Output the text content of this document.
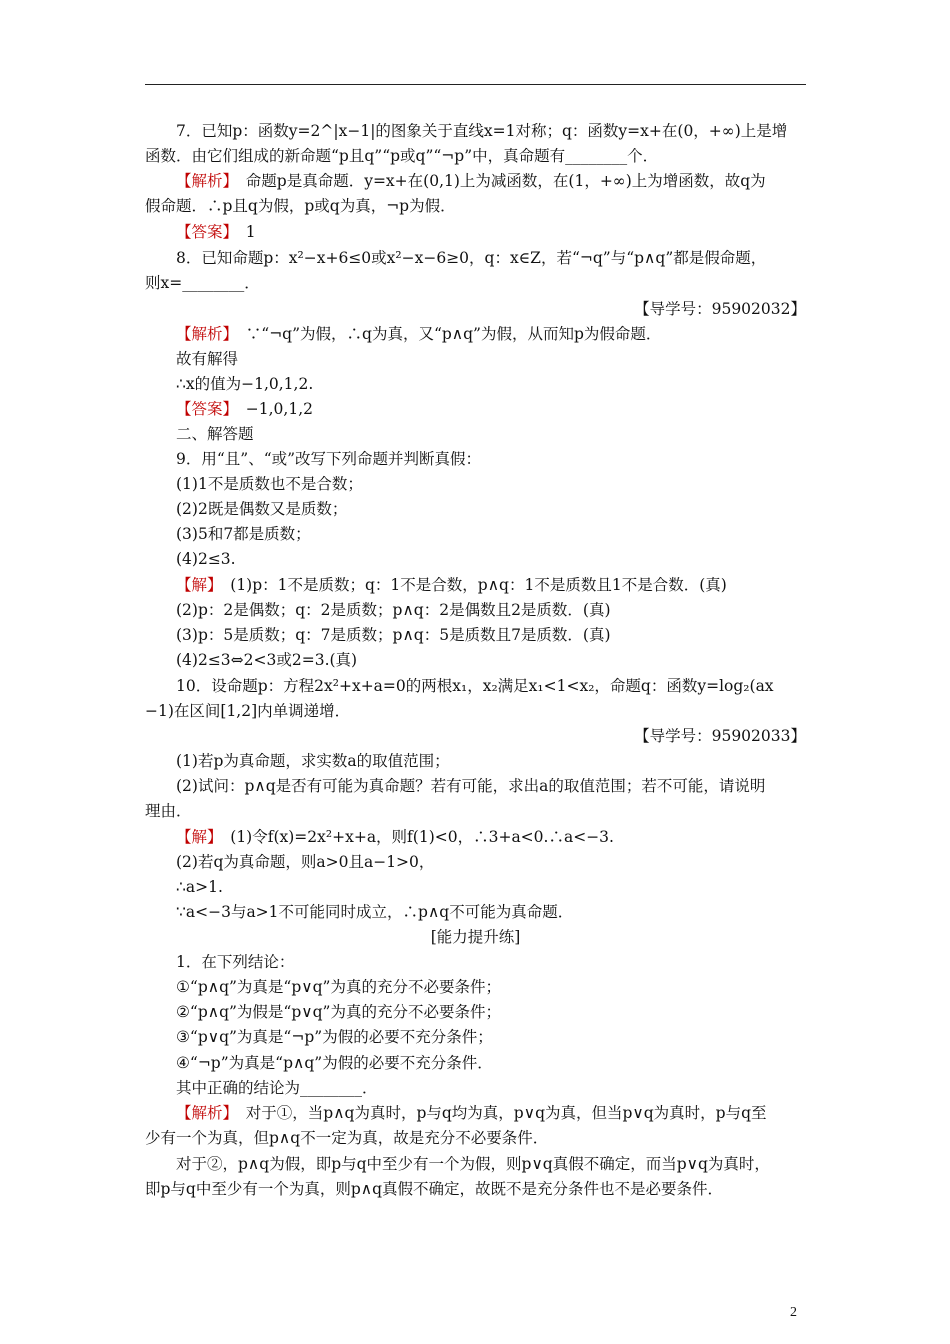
7．已知p：函数y=2^|x−1|的图象关于直线x=1对称；q：函数y=x+在(0，+∞)上是增
函数．由它们组成的新命题“p且q”“p或q”“¬p”中，真命题有________个．
【解析】　命题p是真命题．y=x+在(0,1)上为减函数，在(1，+∞)上为增函数，故q为
假命题．∴p且q为假，p或q为真，¬p为假．
【答案】　1
8．已知命题p：x²−x+6≤0或x²−x−6≥0，q：x∈Z，若“¬q”与“p∧q”都是假命题，
则x=________．
【导学号：95902032】
【解析】　∵“¬q”为假，∴q为真，又“p∧q”为假，从而知p为假命题．
故有解得
∴x的值为−1,0,1,2.
【答案】　−1,0,1,2
二、解答题
9．用“且”、“或”改写下列命题并判断真假：
(1)1不是质数也不是合数；
(2)2既是偶数又是质数；
(3)5和7都是质数；
(4)2≤3.
【解】　(1)p：1不是质数；q：1不是合数，p∧q：1不是质数且1不是合数．(真)
(2)p：2是偶数；q：2是质数；p∧q：2是偶数且2是质数．(真)
(3)p：5是质数；q：7是质数；p∧q：5是质数且7是质数．(真)
(4)2≤3⇔2<3或2=3.(真)
10．设命题p：方程2x²+x+a=0的两根x₁，x₂满足x₁<1<x₂，命题q：函数y=log₂(ax
−1)在区间[1,2]内单调递增．
【导学号：95902033】
(1)若p为真命题，求实数a的取值范围；
(2)试问：p∧q是否有可能为真命题？若有可能，求出a的取值范围；若不可能，请说明
理由．
【解】　(1)令f(x)=2x²+x+a，则f(1)<0，∴3+a<0.∴a<−3.
(2)若q为真命题，则a>0且a−1>0，
∴a>1.
∵a<−3与a>1不可能同时成立，∴p∧q不可能为真命题．
[能力提升练]
1．在下列结论：
①“p∧q”为真是“p∨q”为真的充分不必要条件；
②“p∧q”为假是“p∨q”为真的充分不必要条件；
③“p∨q”为真是“¬p”为假的必要不充分条件；
④“¬p”为真是“p∧q”为假的必要不充分条件．
其中正确的结论为________．
【解析】　对于①，当p∧q为真时，p与q均为真，p∨q为真，但当p∨q为真时，p与q至
少有一个为真，但p∧q不一定为真，故是充分不必要条件．
对于②，p∧q为假，即p与q中至少有一个为假，则p∨q真假不确定，而当p∨q为真时，
即p与q中至少有一个为真，则p∧q真假不确定，故既不是充分条件也不是必要条件．
2
